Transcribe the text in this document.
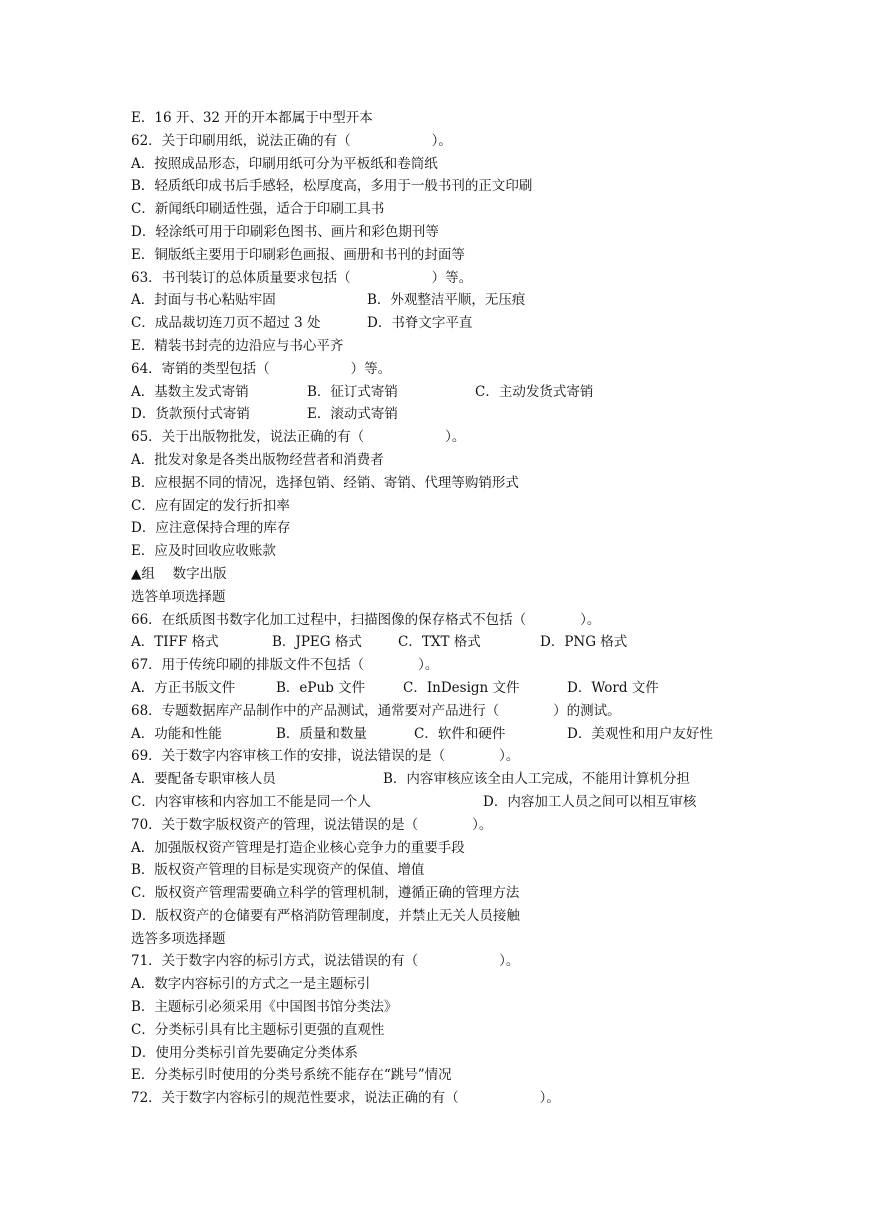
E．16 开、32 开的开本都属于中型开本
62．关于印刷用纸，说法正确的有（　　　　　　）。
A．按照成品形态，印刷用纸可分为平板纸和卷筒纸
B．轻质纸印成书后手感轻，松厚度高，多用于一般书刊的正文印刷
C．新闻纸印刷适性强，适合于印刷工具书
D．轻涂纸可用于印刷彩色图书、画片和彩色期刊等
E．铜版纸主要用于印刷彩色画报、画册和书刊的封面等
63．书刊装订的总体质量要求包括（　　　　　　）等。
A．封面与书心粘贴牢固	B．外观整洁平顺，无压痕
C．成品裁切连刀页不超过 3 处	D．书脊文字平直
E．精装书封壳的边沿应与书心平齐
64．寄销的类型包括（　　　　　　）等。
A．基数主发式寄销	B．征订式寄销	C．主动发货式寄销
D．货款预付式寄销	E．滚动式寄销
65．关于出版物批发，说法正确的有（　　　　　　）。
A．批发对象是各类出版物经营者和消费者
B．应根据不同的情况，选择包销、经销、寄销、代理等购销形式
C．应有固定的发行折扣率
D．应注意保持合理的库存
E．应及时回收应收账款
▲组　 数字出版
选答单项选择题
66．在纸质图书数字化加工过程中，扫描图像的保存格式不包括（　　　　）。
A．TIFF 格式	B．JPEG 格式	C．TXT 格式	D．PNG 格式
67．用于传统印刷的排版文件不包括（　　　　）。
A．方正书版文件	B．ePub 文件	C．InDesign 文件	D．Word 文件
68．专题数据库产品制作中的产品测试，通常要对产品进行（　　　　）的测试。
A．功能和性能	B．质量和数量	C．软件和硬件	D．美观性和用户友好性
69．关于数字内容审核工作的安排，说法错误的是（　　　　）。
A．要配备专职审核人员	B．内容审核应该全由人工完成，不能用计算机分担
C．内容审核和内容加工不能是同一个人	D．内容加工人员之间可以相互审核
70．关于数字版权资产的管理，说法错误的是（　　　　）。
A．加强版权资产管理是打造企业核心竞争力的重要手段
B．版权资产管理的目标是实现资产的保值、增值
C．版权资产管理需要确立科学的管理机制，遵循正确的管理方法
D．版权资产的仓储要有严格消防管理制度，并禁止无关人员接触
选答多项选择题
71．关于数字内容的标引方式，说法错误的有（　　　　　　）。
A．数字内容标引的方式之一是主题标引
B．主题标引必须采用《中国图书馆分类法》
C．分类标引具有比主题标引更强的直观性
D．使用分类标引首先要确定分类体系
E．分类标引时使用的分类号系统不能存在“跳号”情况
72．关于数字内容标引的规范性要求，说法正确的有（　　　　　　）。
